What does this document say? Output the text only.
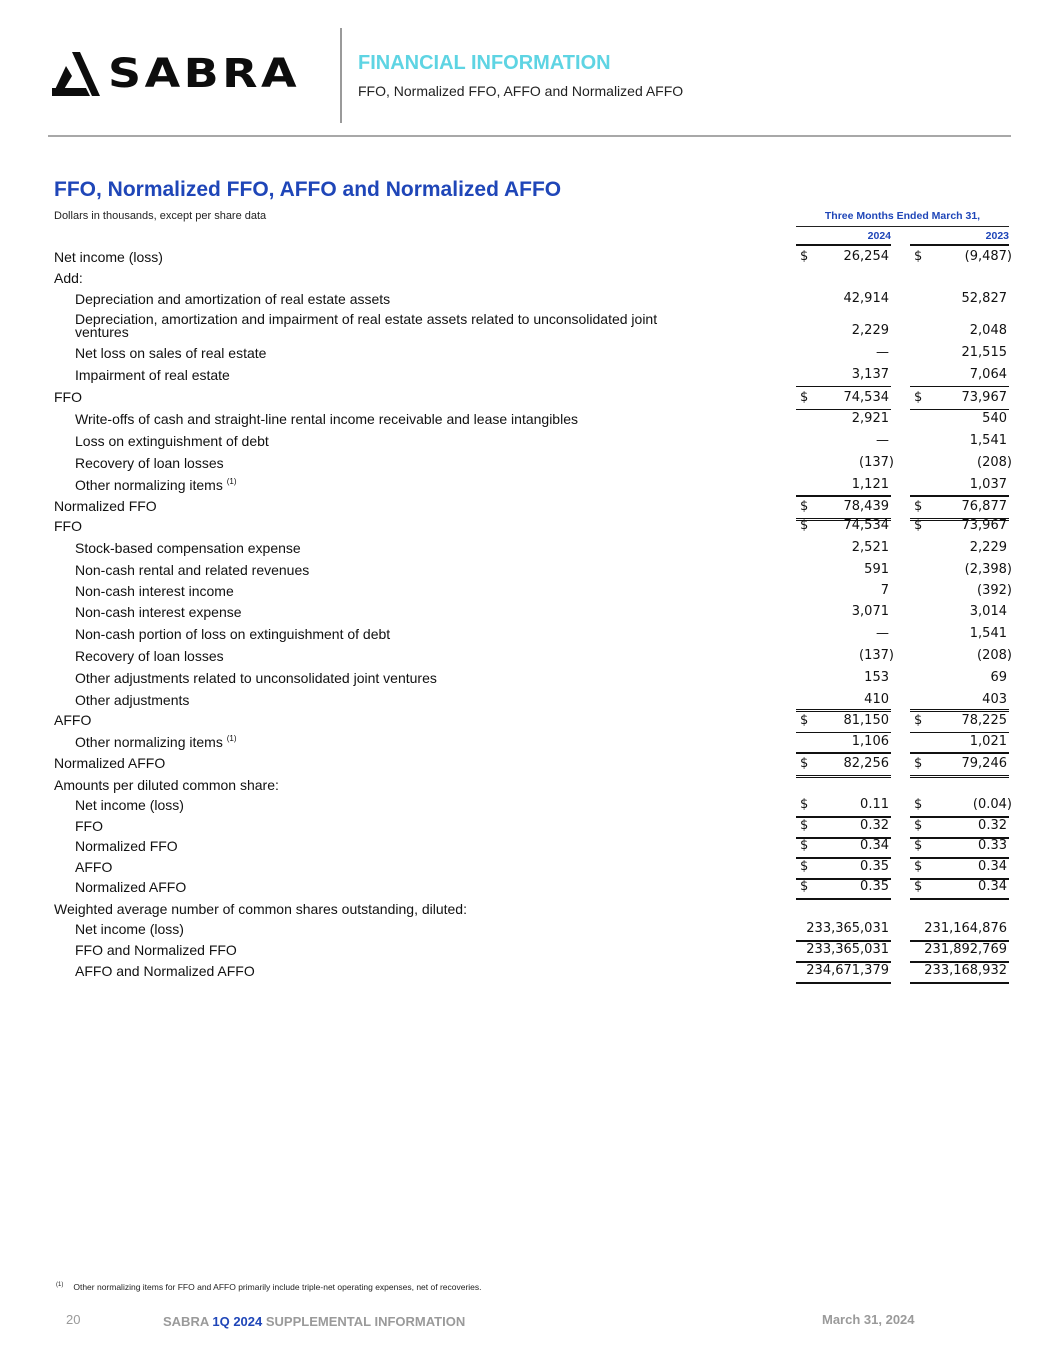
SABRA	FINANCIAL INFORMATION
FFO, Normalized FFO, AFFO and Normalized AFFO
FFO, Normalized FFO, AFFO and Normalized AFFO
Dollars in thousands, except per share data	Three Months Ended March 31,
2024	2023
Net income (loss)	$	26,254 $	(9,487)
Add:
Depreciation and amortization of real estate assets	42,914	52,827
Depreciation, amortization and impairment of real estate assets related to unconsolidated joint
ventures	2,229	2,048
Net loss on sales of real estate	—	21,515
Impairment of real estate	3,137	7,064
FFO	$	74,534 $	73,967
Write-offs of cash and straight-line rental income receivable and lease intangibles	2,921	540
Loss on extinguishment of debt	—	1,541
Recovery of loan losses	(137)	(208)
Other normalizing items $^{(1)}$	1,121	1,037
Normalized FFO	$	78,439 $	76,877
FFO	$	74,534 $	73,967
Stock-based compensation expense	2,521	2,229
Non-cash rental and related revenues	591	(2,398)
Non-cash interest income	7	(392)
Non-cash interest expense	3,071	3,014
Non-cash portion of loss on extinguishment of debt	—	1,541
Recovery of loan losses	(137)	(208)
Other adjustments related to unconsolidated joint ventures	153	69
Other adjustments	410	403
AFFO	$	81,150 $	78,225
Other normalizing items $^{(1)}$	1,106	1,021
Normalized AFFO	$	82,256 $	79,246
Amounts per diluted common share:
Net income (loss)	$	0.11 $	(0.04)
FFO	$	0.32 $	0.32
Normalized FFO	$	0.34 $	0.33
AFFO	$	0.35 $	0.34
Normalized AFFO	$	0.35 $	0.34
Weighted average number of common shares outstanding, diluted:
Net income (loss)	233,365,031	231,164,876
FFO and Normalized FFO	233,365,031	231,892,769
AFFO and Normalized AFFO	234,671,379	233,168,932
$^{(1)}$ Other normalizing items for FFO and AFFO primarily include triple-net operating expenses, net of recoveries.
20	SABRA 1Q 2024 SUPPLEMENTAL INFORMATION	March 31, 2024
